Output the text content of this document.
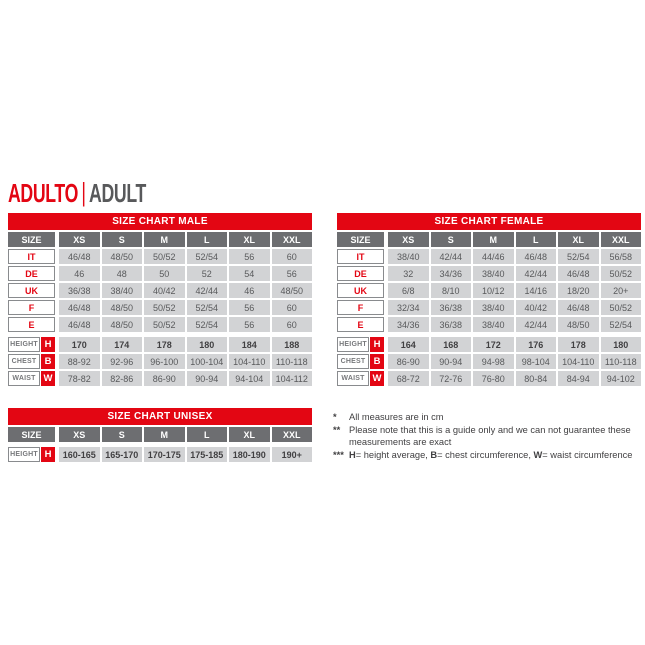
ADULTO | ADULT
SIZE CHART MALE
SIZE	XS	S	M	L	XL	XXL
IT	46/48	48/50	50/52	52/54	56	60
DE	46	48	50	52	54	56
UK	36/38	38/40	40/42	42/44	46	48/50
F	46/48	48/50	50/52	52/54	56	60
E	46/48	48/50	50/52	52/54	56	60
HEIGHT H	170	174	178	180	184	188
CHEST B	88-92	92-96	96-100	100-104	104-110	110-118
WAIST W	78-82	82-86	86-90	90-94	94-104	104-112
SIZE CHART FEMALE
SIZE	XS	S	M	L	XL	XXL
IT	38/40	42/44	44/46	46/48	52/54	56/58
DE	32	34/36	38/40	42/44	46/48	50/52
UK	6/8	8/10	10/12	14/16	18/20	20+
F	32/34	36/38	38/40	40/42	46/48	50/52
E	34/36	36/38	38/40	42/44	48/50	52/54
HEIGHT H	164	168	172	176	178	180
CHEST B	86-90	90-94	94-98	98-104	104-110	110-118
WAIST W	68-72	72-76	76-80	80-84	84-94	94-102
SIZE CHART UNISEX
SIZE	XS	S	M	L	XL	XXL
HEIGHT H	160-165	165-170	170-175	175-185	180-190	190+
*	All measures are in cm
** Please note that this is a guide only and we can not guarantee these measurements are exact
*** H= height average, B= chest circumference, W= waist circumference
